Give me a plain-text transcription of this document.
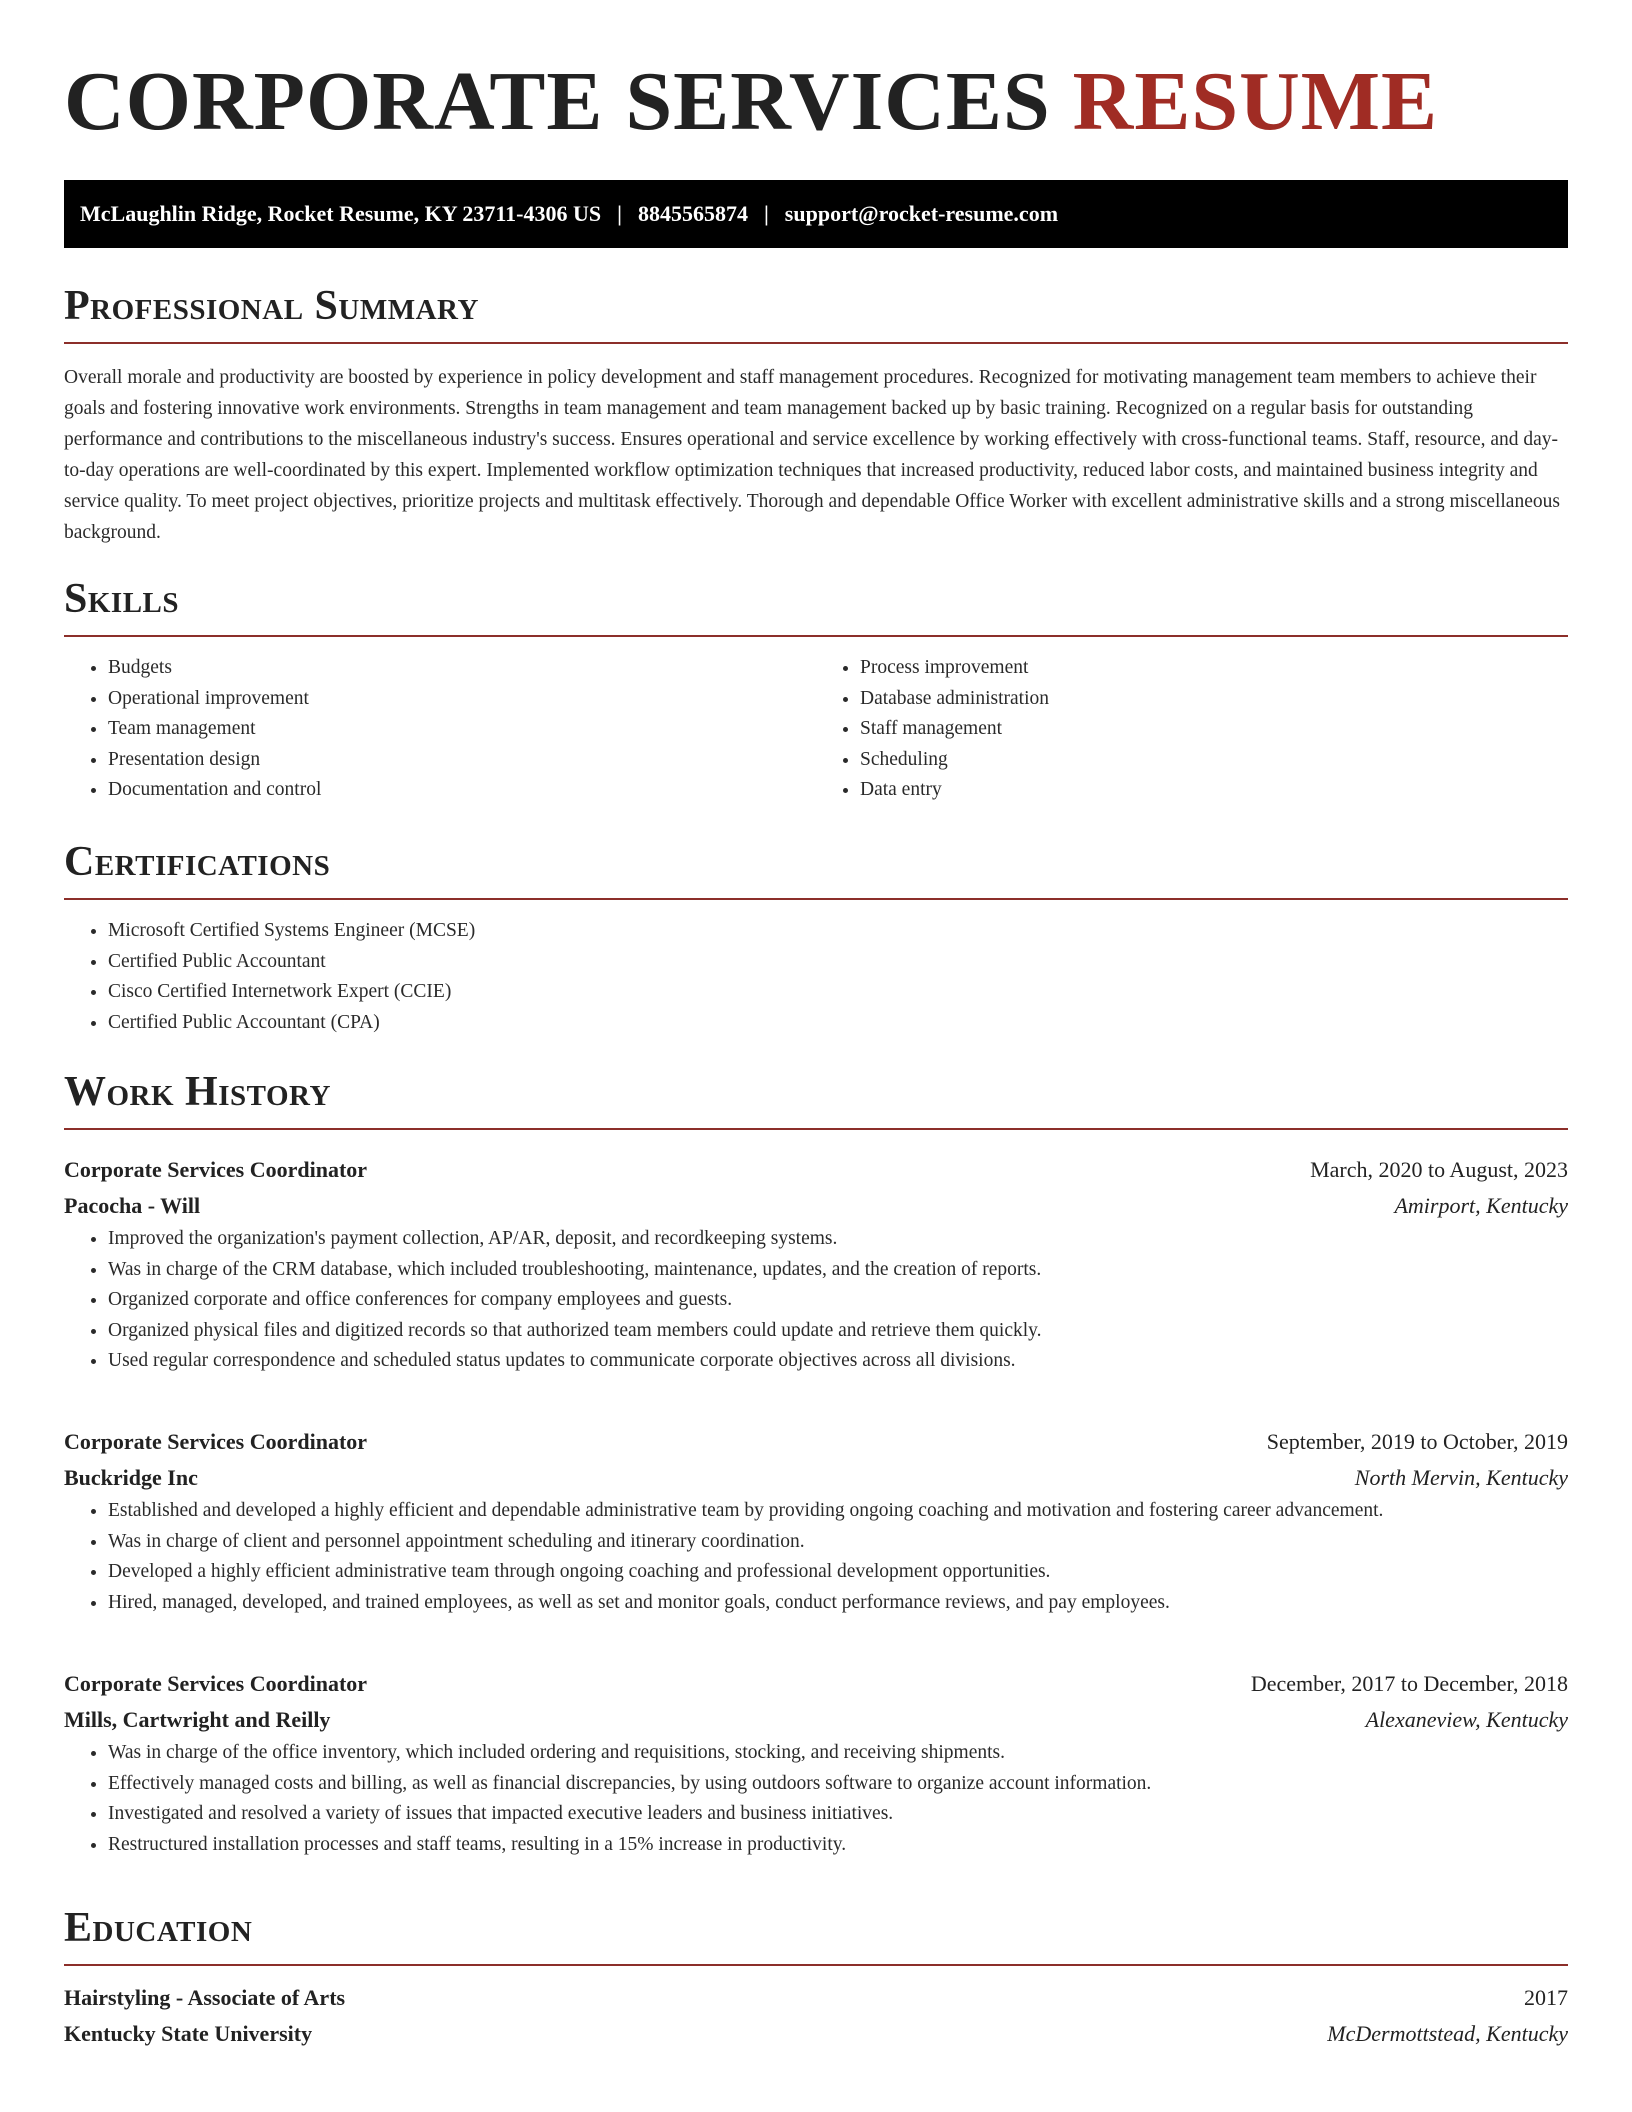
CORPORATE SERVICES RESUME
McLaughlin Ridge, Rocket Resume, KY 23711-4306 US | 8845565874 | support@rocket-resume.com
Professional Summary

Overall morale and productivity are boosted by experience in policy development and staff management procedures. Recognized for motivating management team members to achieve their goals and fostering innovative work environments. Strengths in team management and team management backed up by basic training. Recognized on a regular basis for outstanding performance and contributions to the miscellaneous industry's success. Ensures operational and service excellence by working effectively with cross-functional teams. Staff, resource, and day-to-day operations are well-coordinated by this expert. Implemented workflow optimization techniques that increased productivity, reduced labor costs, and maintained business integrity and service quality. To meet project objectives, prioritize projects and multitask effectively. Thorough and dependable Office Worker with excellent administrative skills and a strong miscellaneous background.

Skills
• Budgets
• Operational improvement
• Team management
• Presentation design
• Documentation and control
• Process improvement
• Database administration
• Staff management
• Scheduling
• Data entry
Certifications
• Microsoft Certified Systems Engineer (MCSE)
• Certified Public Accountant
• Cisco Certified Internetwork Expert (CCIE)
• Certified Public Accountant (CPA)
Work History
Corporate Services Coordinator	March, 2020 to August, 2023
Pacocha - Will	Amirport, Kentucky
• Improved the organization's payment collection, AP/AR, deposit, and recordkeeping systems.
• Was in charge of the CRM database, which included troubleshooting, maintenance, updates, and the creation of reports.
• Organized corporate and office conferences for company employees and guests.
• Organized physical files and digitized records so that authorized team members could update and retrieve them quickly.
• Used regular correspondence and scheduled status updates to communicate corporate objectives across all divisions.
Corporate Services Coordinator	September, 2019 to October, 2019
Buckridge Inc	North Mervin, Kentucky
• Established and developed a highly efficient and dependable administrative team by providing ongoing coaching and motivation and fostering career advancement.
• Was in charge of client and personnel appointment scheduling and itinerary coordination.
• Developed a highly efficient administrative team through ongoing coaching and professional development opportunities.
• Hired, managed, developed, and trained employees, as well as set and monitor goals, conduct performance reviews, and pay employees.
Corporate Services Coordinator	December, 2017 to December, 2018
Mills, Cartwright and Reilly	Alexaneview, Kentucky
• Was in charge of the office inventory, which included ordering and requisitions, stocking, and receiving shipments.
• Effectively managed costs and billing, as well as financial discrepancies, by using outdoors software to organize account information.
• Investigated and resolved a variety of issues that impacted executive leaders and business initiatives.
• Restructured installation processes and staff teams, resulting in a 15% increase in productivity.
Education
Hairstyling - Associate of Arts	2017
Kentucky State University	McDermottstead, Kentucky
